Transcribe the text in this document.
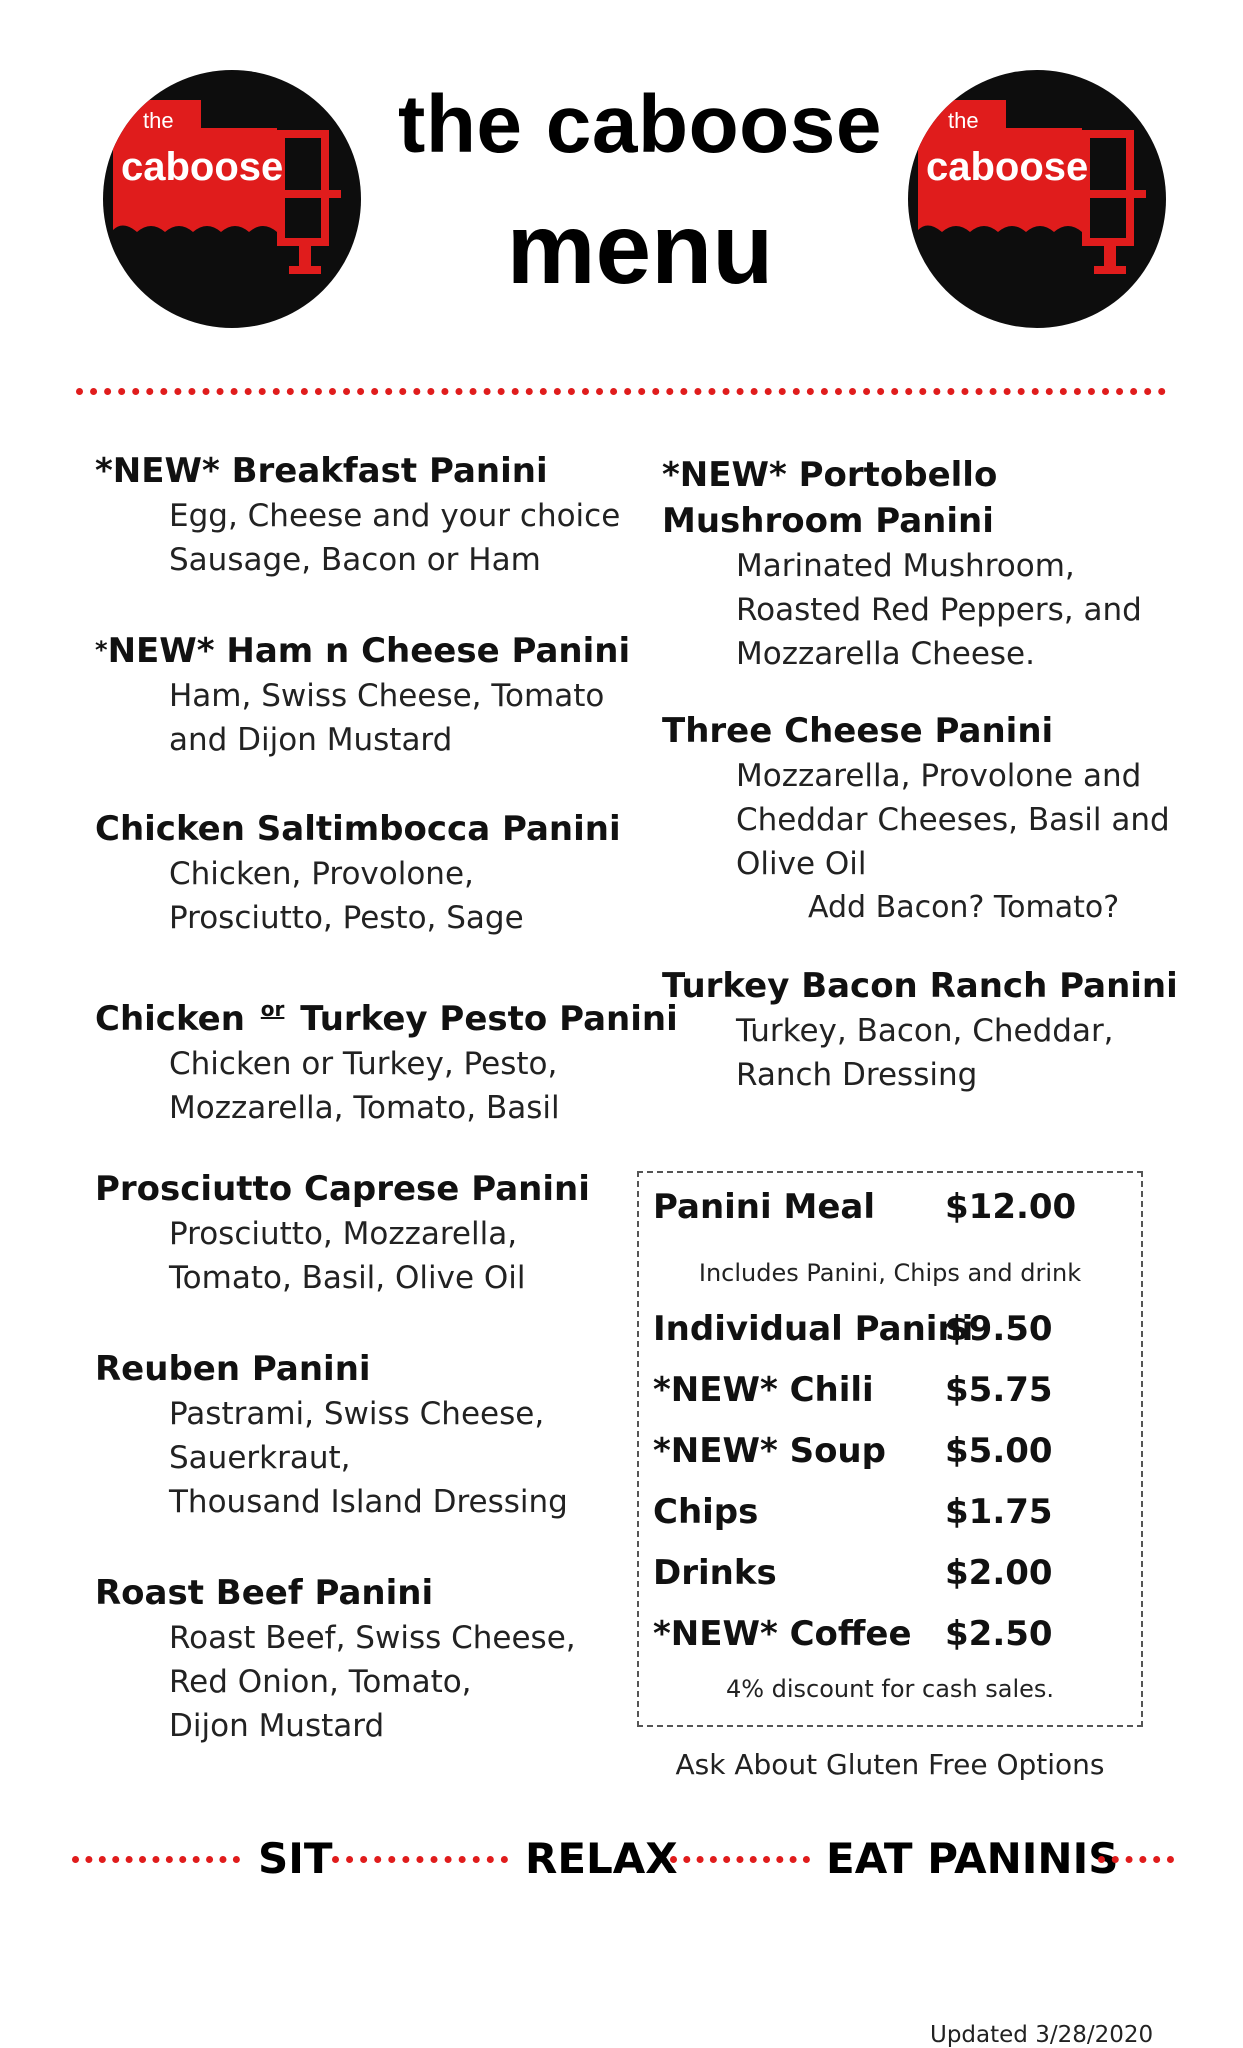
the
caboose
the
caboose
the caboose
menu
*NEW* Breakfast Panini
Egg, Cheese and your choice
Sausage, Bacon or Ham
*NEW* Ham n Cheese Panini
Ham, Swiss Cheese, Tomato
and Dijon Mustard
Chicken Saltimbocca Panini
Chicken, Provolone,
Prosciutto, Pesto, Sage
Chicken $^{or}$ Turkey Pesto Panini
Chicken or Turkey, Pesto,
Mozzarella, Tomato, Basil
Prosciutto Caprese Panini
Prosciutto, Mozzarella,
Tomato, Basil, Olive Oil
Reuben Panini
Pastrami, Swiss Cheese,
Sauerkraut,
Thousand Island Dressing
Roast Beef Panini
Roast Beef, Swiss Cheese,
Red Onion, Tomato,
Dijon Mustard
*NEW* Portobello
Mushroom Panini
Marinated Mushroom,
Roasted Red Peppers, and
Mozzarella Cheese.
Three Cheese Panini
Mozzarella, Provolone and
Cheddar Cheeses, Basil and
Olive Oil
Add Bacon? Tomato?
Turkey Bacon Ranch Panini
Turkey, Bacon, Cheddar,
Ranch Dressing
Panini Meal $12.00
Includes Panini, Chips and drink
Individual Panini$9.50
*NEW* Chili $5.75
*NEW* Soup $5.00
Chips	$1.75
Drinks	$2.00
*NEW* Coffee $2.50
4% discount for cash sales.
Ask About Gluten Free Options
SIT	RELAX	EAT PANINIS
Updated 3/28/2020
